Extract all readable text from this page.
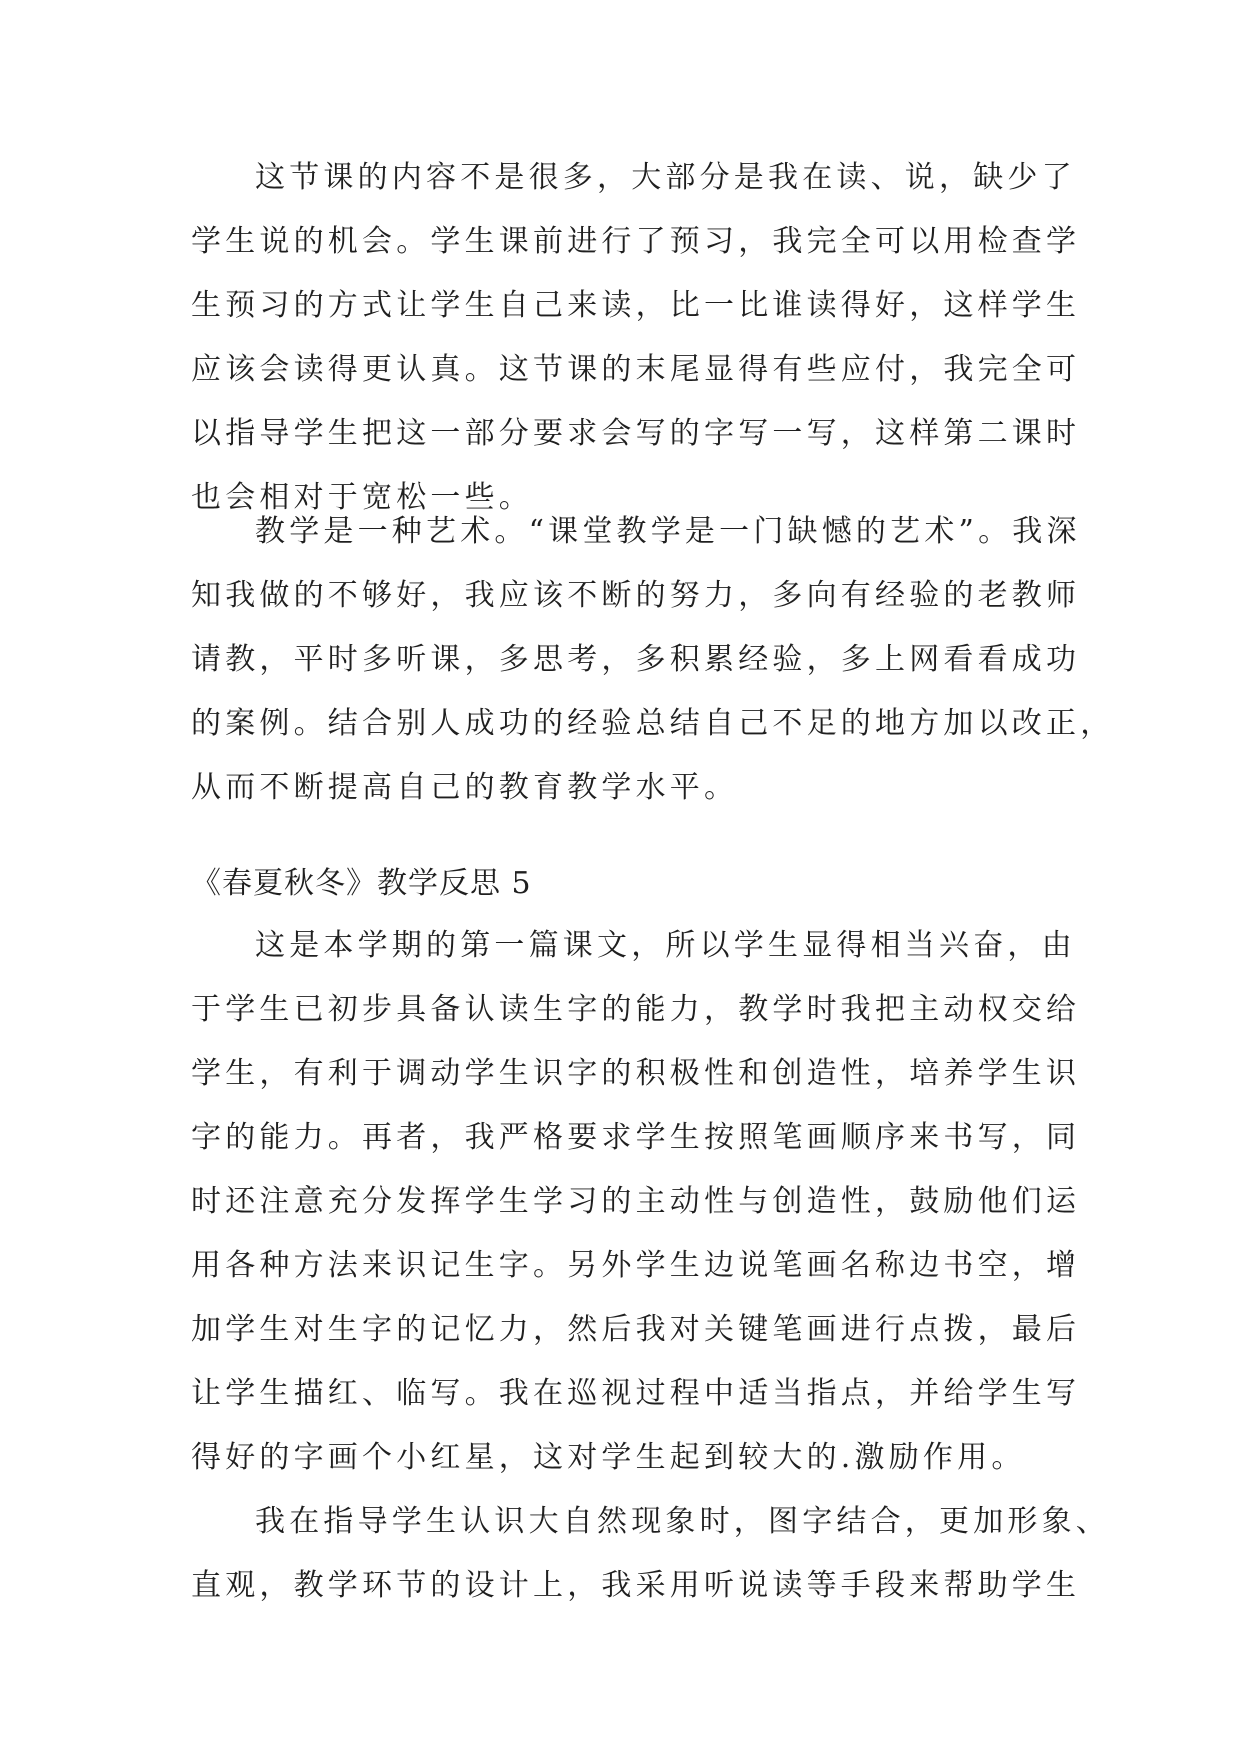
这节课的内容不是很多，大部分是我在读、说，缺少了
学生说的机会。学生课前进行了预习，我完全可以用检查学
生预习的方式让学生自己来读，比一比谁读得好，这样学生
应该会读得更认真。这节课的末尾显得有些应付，我完全可
以指导学生把这一部分要求会写的字写一写，这样第二课时
也会相对于宽松一些。
教学是一种艺术。“课堂教学是一门缺憾的艺术”。我深
知我做的不够好，我应该不断的努力，多向有经验的老教师
请教，平时多听课，多思考，多积累经验，多上网看看成功
的案例。结合别人成功的经验总结自己不足的地方加以改正，
从而不断提高自己的教育教学水平。
《春夏秋冬》教学反思 5
这是本学期的第一篇课文，所以学生显得相当兴奋，由
于学生已初步具备认读生字的能力，教学时我把主动权交给
学生，有利于调动学生识字的积极性和创造性，培养学生识
字的能力。再者，我严格要求学生按照笔画顺序来书写，同
时还注意充分发挥学生学习的主动性与创造性，鼓励他们运
用各种方法来识记生字。另外学生边说笔画名称边书空，增
加学生对生字的记忆力，然后我对关键笔画进行点拨，最后
让学生描红、临写。我在巡视过程中适当指点，并给学生写
得好的字画个小红星，这对学生起到较大的.激励作用。
我在指导学生认识大自然现象时，图字结合，更加形象、
直观，教学环节的设计上，我采用听说读等手段来帮助学生
